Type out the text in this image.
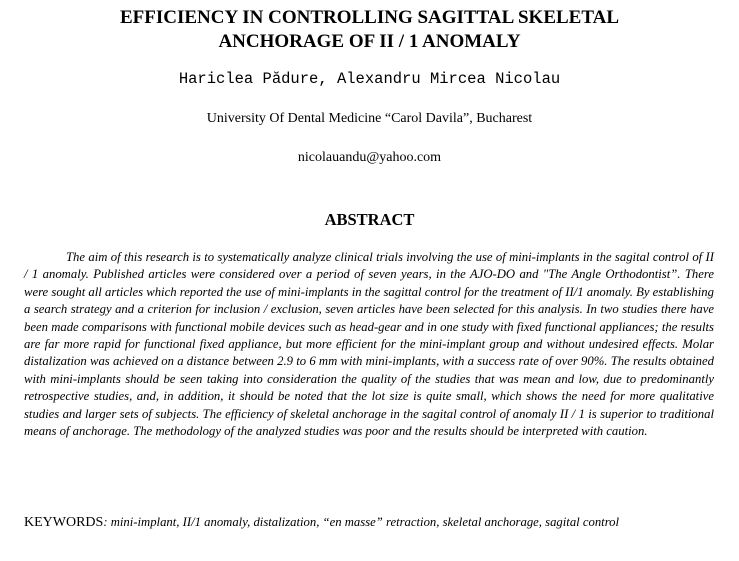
EFFICIENCY IN CONTROLLING SAGITTAL SKELETAL
ANCHORAGE OF II / 1 ANOMALY
Hariclea Pădure, Alexandru Mircea Nicolau
University Of Dental Medicine “Carol Davila”, Bucharest
nicolauandu@yahoo.com
ABSTRACT

The aim of this research is to systematically analyze clinical trials involving the use of mini-implants in the sagital control of II / 1 anomaly. Published articles were considered over a period of seven years, in the AJO-DO and "The Angle Orthodontist”. There were sought all articles which reported the use of mini-implants in the sagittal control for the treatment of II/1 anomaly. By establishing a search strategy and a criterion for inclusion / exclusion, seven articles have been selected for this analysis. In two studies there have been made comparisons with functional mobile devices such as head-gear and in one study with fixed functional appliances; the results are far more rapid for functional fixed appliance, but more efficient for the mini-implant group and without undesired effects. Molar distalization was achieved on a distance between 2.9 to 6 mm with mini-implants, with a success rate of over 90%. The results obtained with mini-implants should be seen taking into consideration the quality of the studies that was mean and low, due to predominantly retrospective studies, and, in addition, it should be noted that the lot size is quite small, which shows the need for more qualitative studies and larger sets of subjects. The efficiency of skeletal anchorage in the sagital control of anomaly II / 1 is superior to traditional means of anchorage. The methodology of the analyzed studies was poor and the results should be interpreted with caution.

KEYWORDS: mini-implant, II/1 anomaly, distalization, “en masse” retraction, skeletal anchorage, sagital control
